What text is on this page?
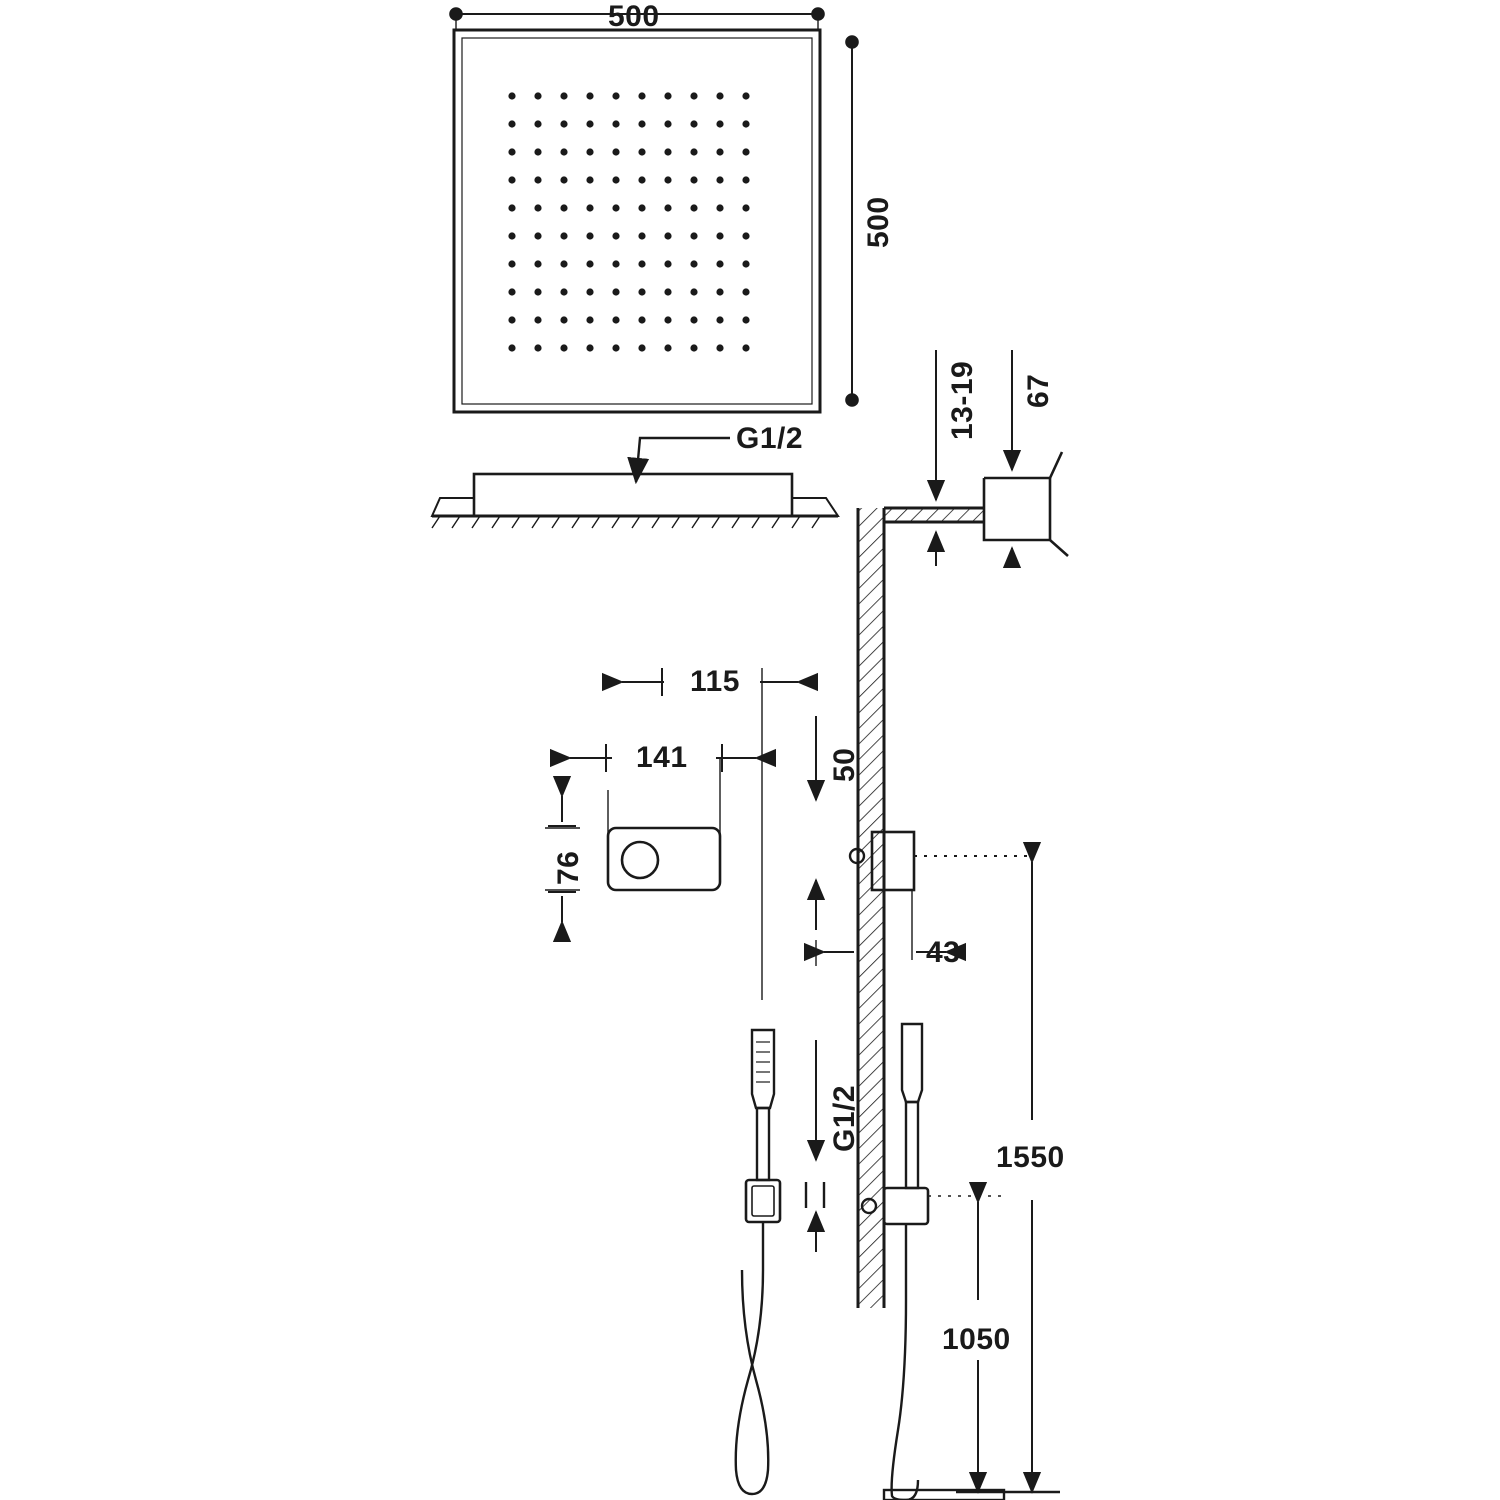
500
500
G1/2	13-19 67
115
141
76
50
43
G1/2
1550
1050
